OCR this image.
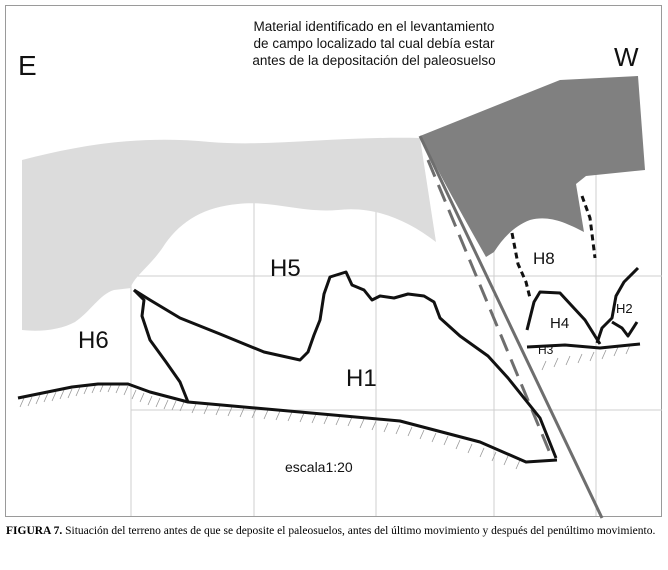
Material identificado en el levantamiento
de campo localizado tal cual debía estar
antes de la depositación del paleosuelso
E	W
H5
H6
H1
H8
H4
H2
H3
escala1:20
FIGURA 7. Situación del terreno antes de que se deposite el paleosuelos, antes del último movimiento y después del penúltimo movimiento.
